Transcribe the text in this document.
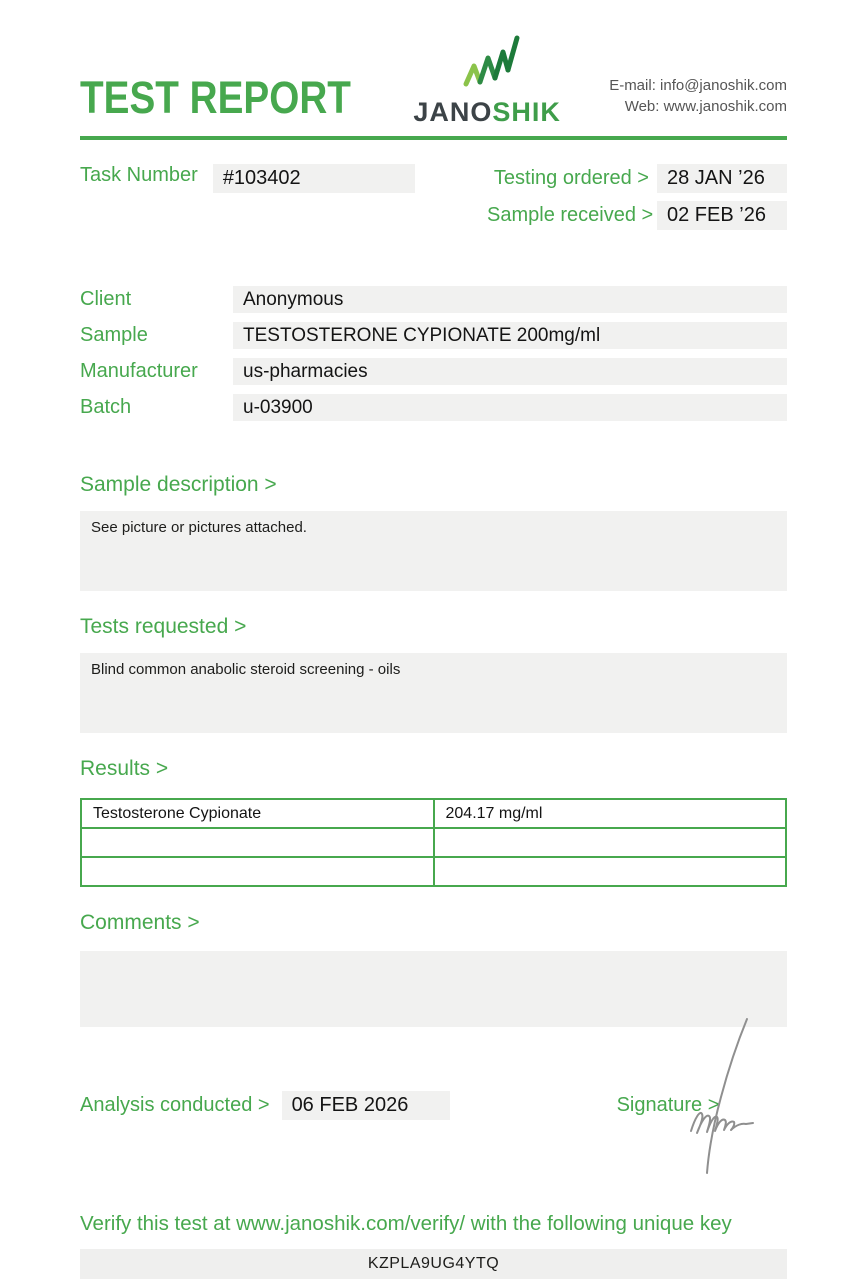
TEST REPORT JANOSHIK
E-mail: info@janoshik.com
Web: www.janoshik.com
Task Number	#103402	Testing ordered > 28 JAN ’26
Sample received > 02 FEB ’26
Client	Anonymous
Sample	TESTOSTERONE CYPIONATE 200mg/ml
Manufacturer	us-pharmacies
Batch	u-03900
Sample description >
See picture or pictures attached.
Tests requested >
Blind common anabolic steroid screening - oils
Results >
Testosterone Cypionate	204.17 mg/ml

Comments >
Analysis conducted >	06 FEB 2026	Signature >
Verify this test at www.janoshik.com/verify/ with the following unique key
KZPLA9UG4YTQ
